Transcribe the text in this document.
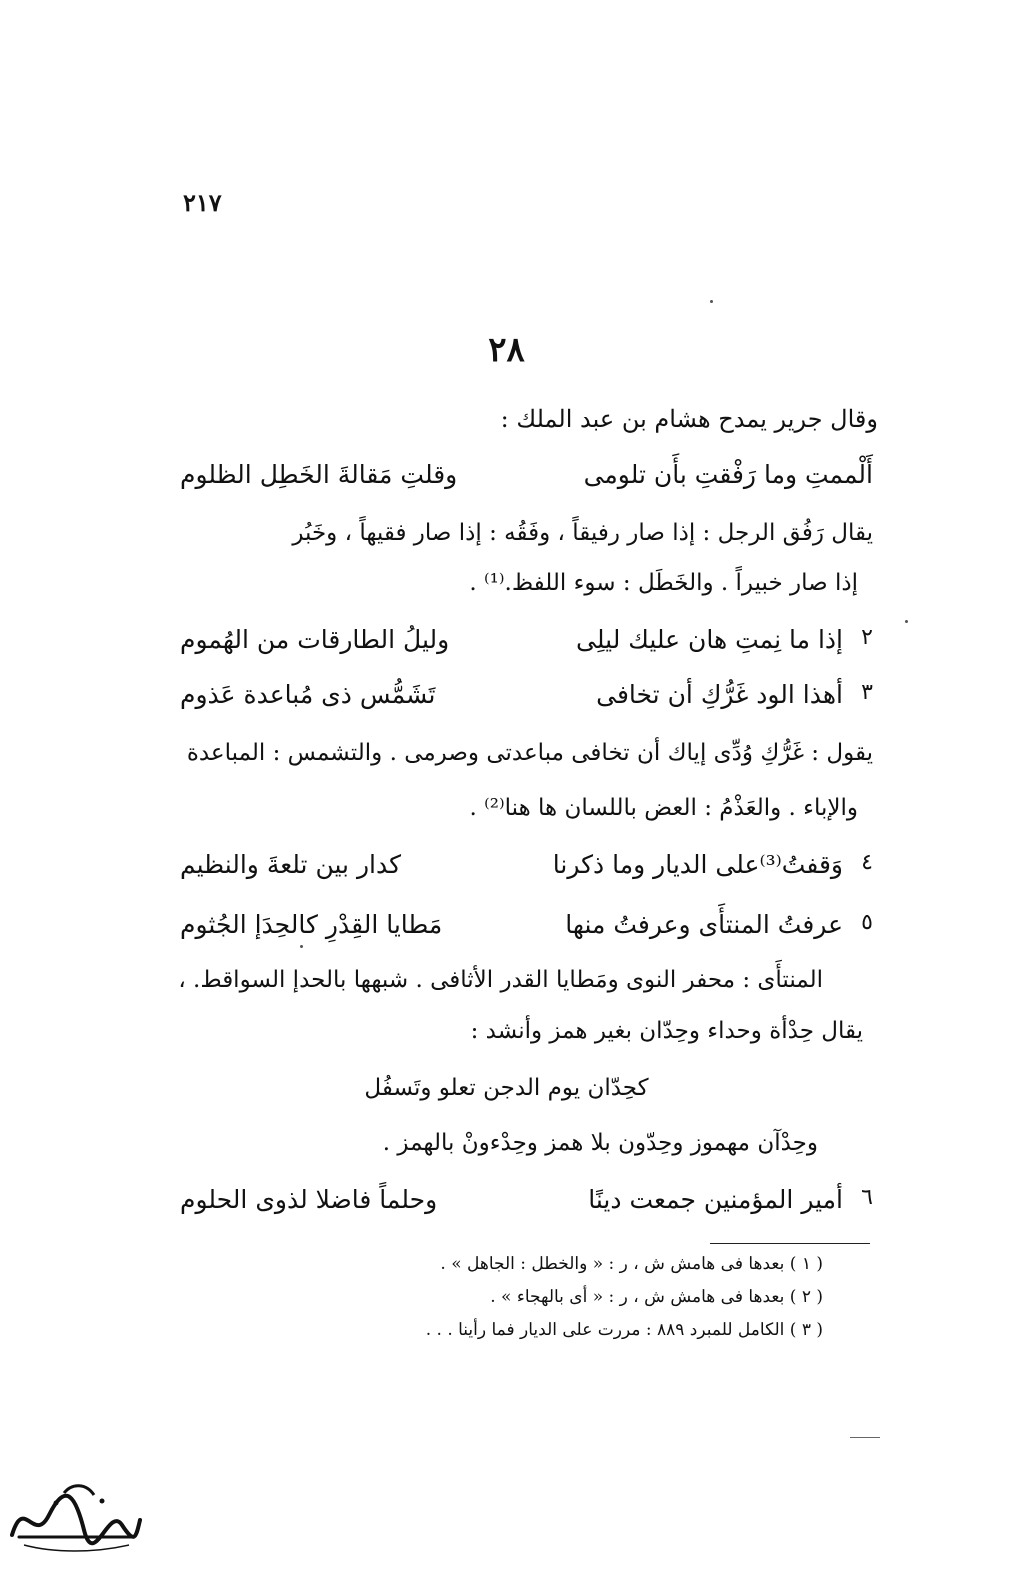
٢١٧
٢٨
وقال جرير يمدح هشام بن عبد الملك :
أَلْممتِ وما رَفْقتِ بأَن تلومى
وقلتِ مَقالةَ الخَطِل الظلوم
يقال رَفُق الرجل : إذا صار رفيقاً ، وفَقُه : إذا صار فقيهاً ، وخَبُر
إذا صار خبيراً . والخَطَل : سوء اللفظ.⁽¹⁾ .
٢
إذا ما نِمتِ هان عليك ليلِى
وليلُ الطارقات من الهُموم
٣
أهذا الود غَرُّكِ أن تخافى
تَشَمُّس ذى مُباعدة عَذوم
يقول : غَرُّكِ وُدِّى إياك أن تخافى مباعدتى وصرمى . والتشمس : المباعدة
والإباء . والعَذْمُ : العض باللسان ها هنا⁽²⁾ .
٤
وَقفتُ⁽³⁾على الديار وما ذكرنا
كدار بين تلعةَ والنظيم
٥
عرفتُ المنتأَى وعرفتُ منها
مَطايا القِدْرِ كالحِدَإ الجُثوم
المنتأَى : محفر النوى ومَطايا القدر الأثافى . شبهها بالحدإ السواقط. ،
يقال حِدْأة وحداء وحِدّان بغير همز وأنشد :
كحِدّان يوم الدجن تعلو وتَسفُل
وحِدْآن مهموز وحِدّون بلا همز وحِدْءونْ بالهمز .
٦
أمير المؤمنين جمعت دينًا
وحلماً فاضلا لذوى الحلوم
( ١ ) بعدها فى هامش ش ، ر : « والخطل : الجاهل » .
( ٢ ) بعدها فى هامش ش ، ر : « أى بالهجاء » .
( ٣ ) الكامل للمبرد ٨٨٩ : مررت على الديار فما رأينا . . .
